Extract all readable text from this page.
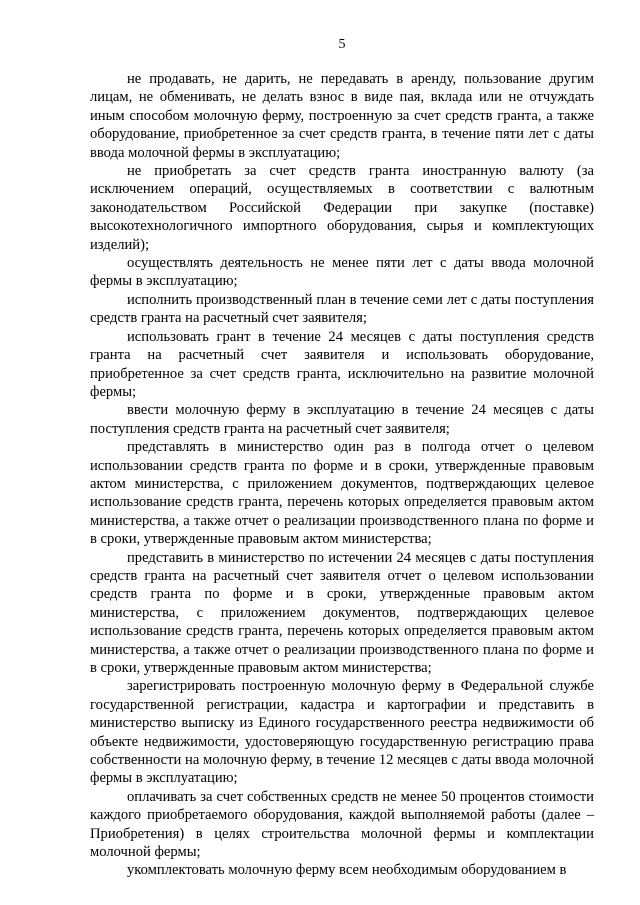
5

не продавать, не дарить, не передавать в аренду, пользование другим лицам, не обменивать, не делать взнос в виде пая, вклада или не отчуждать иным способом молочную ферму, построенную за счет средств гранта, а также оборудование, приобретенное за счет средств гранта, в течение пяти лет с даты ввода молочной фермы в эксплуатацию;

не приобретать за счет средств гранта иностранную валюту (за исключением операций, осуществляемых в соответствии с валютным законодательством Российской Федерации при закупке (поставке) высокотехнологичного импортного оборудования, сырья и комплектующих изделий);

осуществлять деятельность не менее пяти лет с даты ввода молочной фермы в эксплуатацию;

исполнить производственный план в течение семи лет с даты поступления средств гранта на расчетный счет заявителя;

использовать грант в течение 24 месяцев с даты поступления средств гранта на расчетный счет заявителя и использовать оборудование, приобретенное за счет средств гранта, исключительно на развитие молочной фермы;

ввести молочную ферму в эксплуатацию в течение 24 месяцев с даты поступления средств гранта на расчетный счет заявителя;

представлять в министерство один раз в полгода отчет о целевом использовании средств гранта по форме и в сроки, утвержденные правовым актом министерства, с приложением документов, подтверждающих целевое использование средств гранта, перечень которых определяется правовым актом министерства, а также отчет о реализации производственного плана по форме и в сроки, утвержденные правовым актом министерства;

представить в министерство по истечении 24 месяцев с даты поступления средств гранта на расчетный счет заявителя отчет о целевом использовании средств гранта по форме и в сроки, утвержденные правовым актом министерства, с приложением документов, подтверждающих целевое использование средств гранта, перечень которых определяется правовым актом министерства, а также отчет о реализации производственного плана по форме и в сроки, утвержденные правовым актом министерства;

зарегистрировать построенную молочную ферму в Федеральной службе государственной регистрации, кадастра и картографии и представить в министерство выписку из Единого государственного реестра недвижимости об объекте недвижимости, удостоверяющую государственную регистрацию права собственности на молочную ферму, в течение 12 месяцев с даты ввода молочной фермы в эксплуатацию;

оплачивать за счет собственных средств не менее 50 процентов стоимости каждого приобретаемого оборудования, каждой выполняемой работы (далее – Приобретения) в целях строительства молочной фермы и комплектации молочной фермы;

укомплектовать молочную ферму всем необходимым оборудованием в
